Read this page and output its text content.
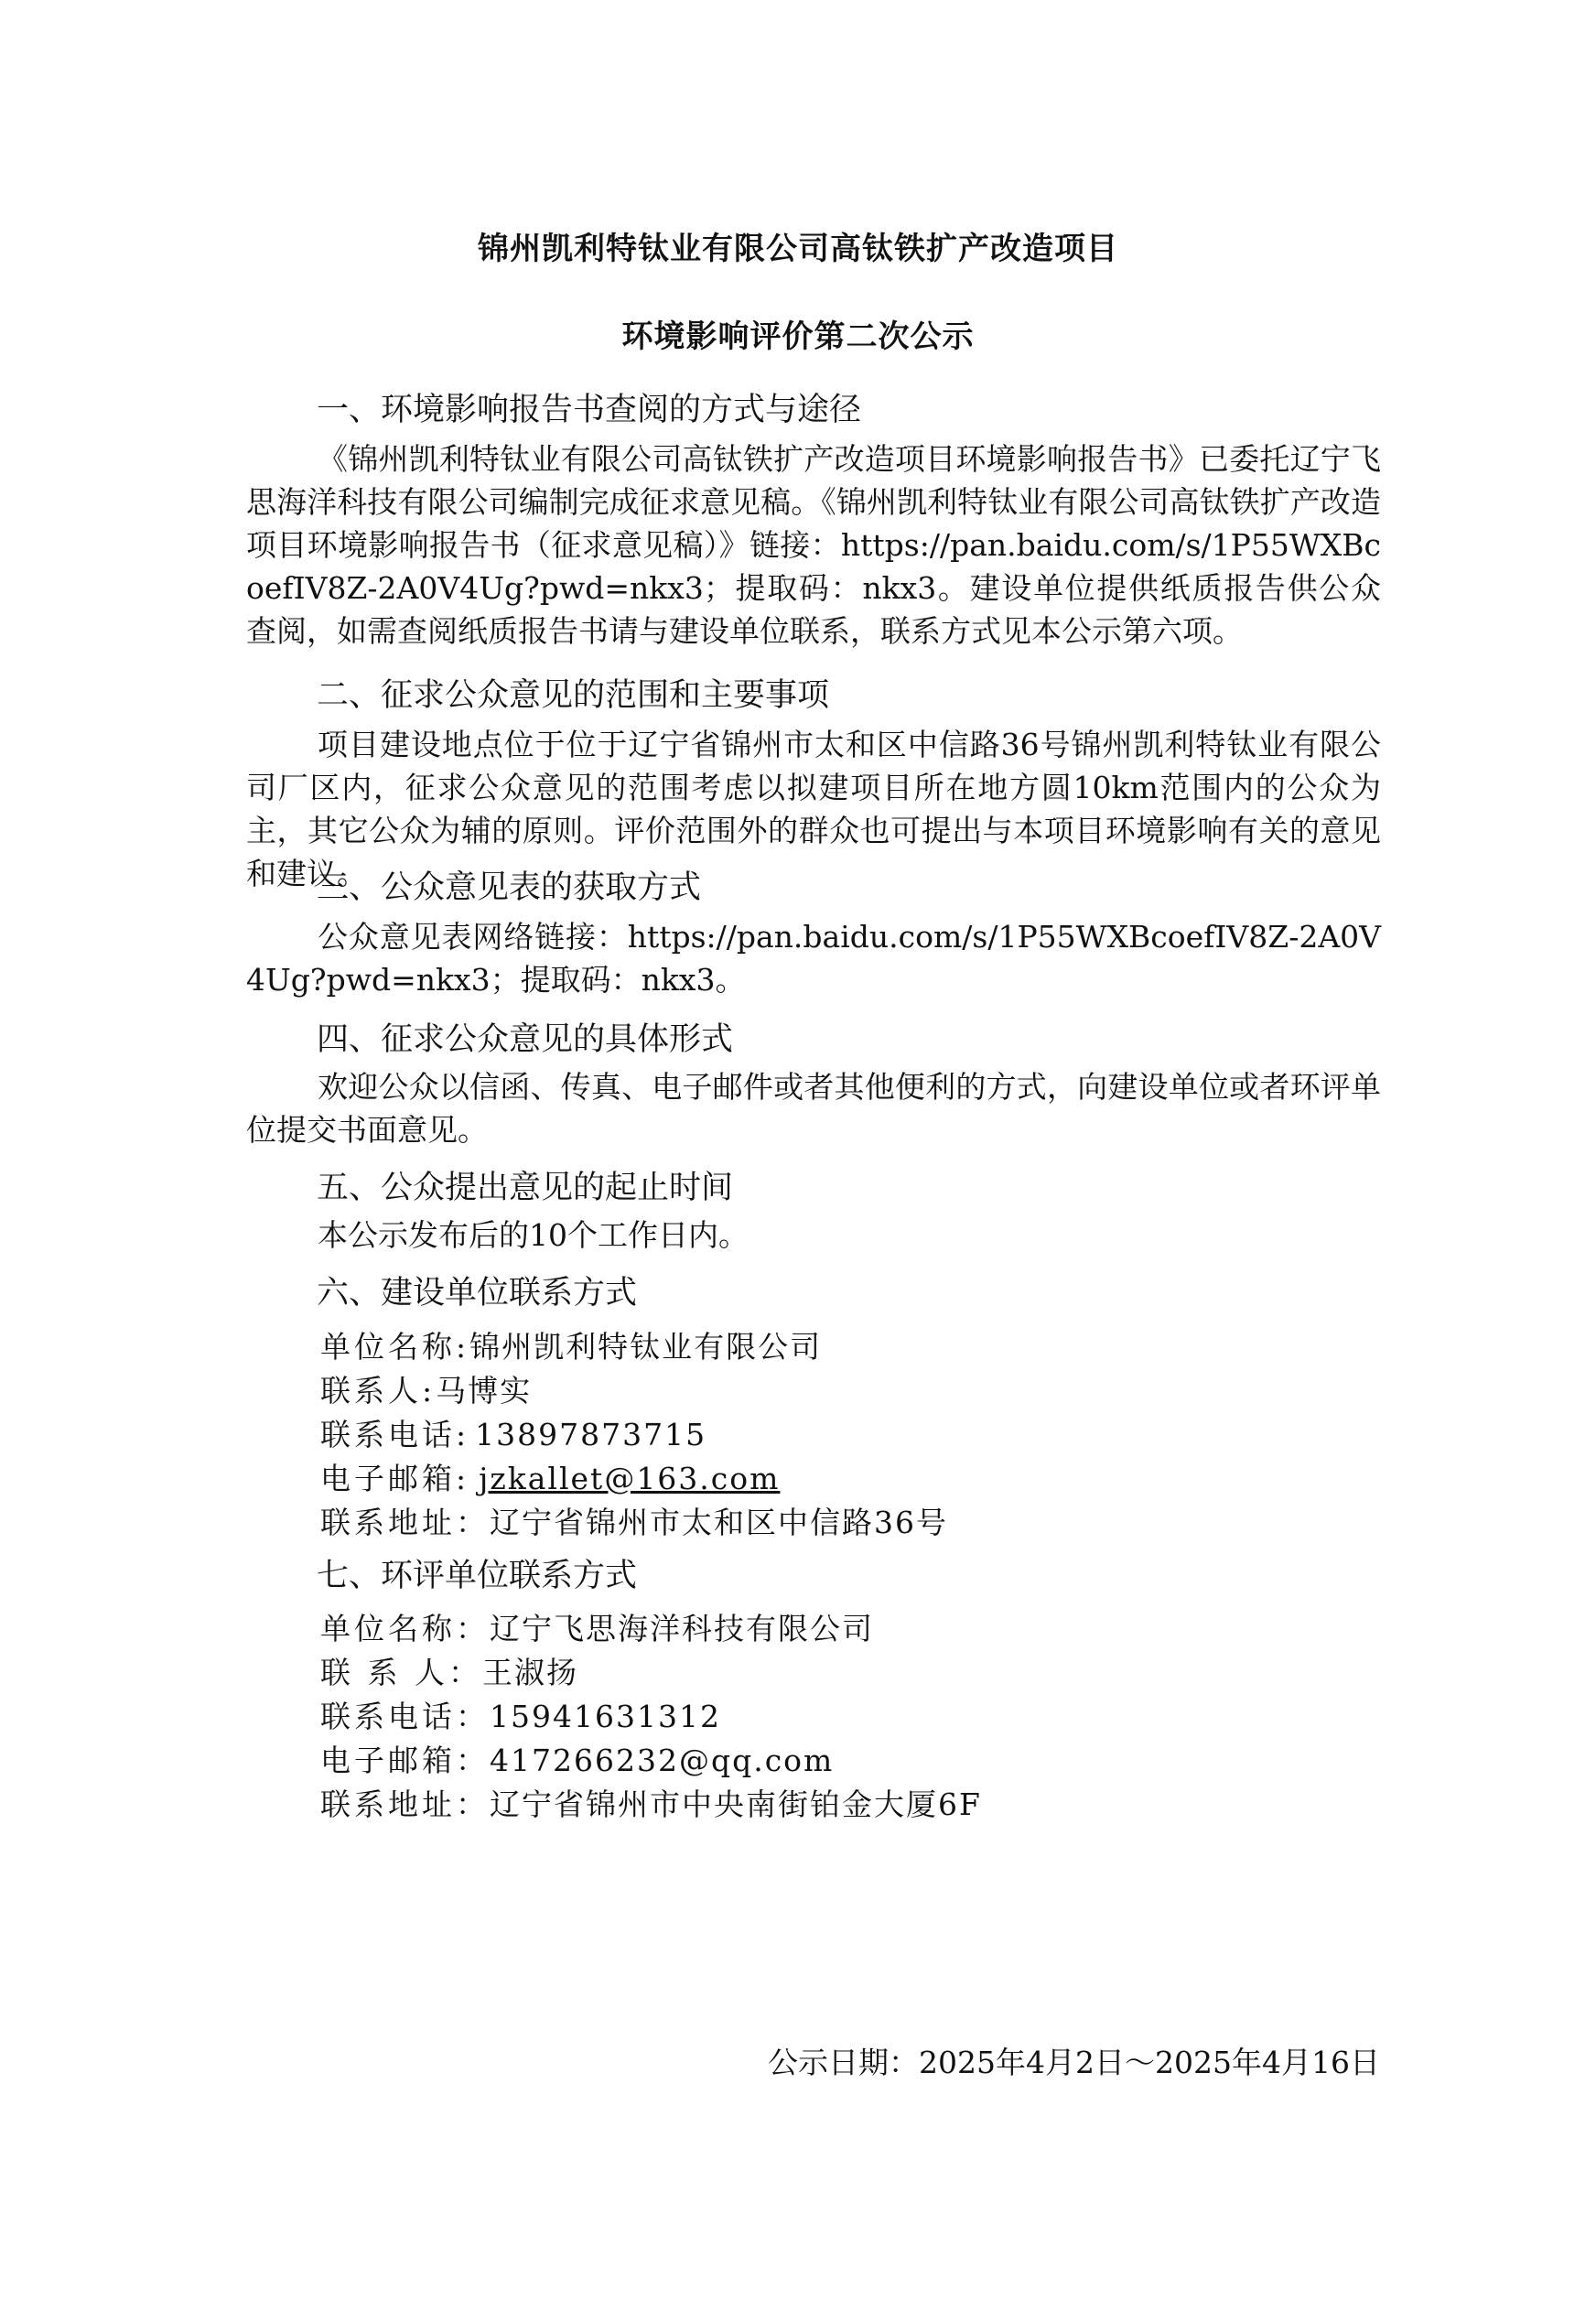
锦州凯利特钛业有限公司高钛铁扩产改造项目
环境影响评价第二次公示
一、环境影响报告书查阅的方式与途径
《锦州凯利特钛业有限公司高钛铁扩产改造项目环境影响报告书》已委托辽宁飞思海洋科技有限公司编制完成征求意见稿。《锦州凯利特钛业有限公司高钛铁扩产改造项目环境影响报告书（征求意见稿）》链接：https://pan.baidu.com/s/1P55WXBcoefIV8Z-2A0V4Ug?pwd=nkx3；提取码：nkx3。建设单位提供纸质报告供公众查阅，如需查阅纸质报告书请与建设单位联系，联系方式见本公示第六项。
二、征求公众意见的范围和主要事项
项目建设地点位于位于辽宁省锦州市太和区中信路36号锦州凯利特钛业有限公司厂区内，征求公众意见的范围考虑以拟建项目所在地方圆10km范围内的公众为主，其它公众为辅的原则。评价范围外的群众也可提出与本项目环境影响有关的意见和建议。
三、公众意见表的获取方式
公众意见表网络链接：https://pan.baidu.com/s/1P55WXBcoefIV8Z-2A0V4Ug?pwd=nkx3；提取码：nkx3。
四、征求公众意见的具体形式
欢迎公众以信函、传真、电子邮件或者其他便利的方式，向建设单位或者环评单位提交书面意见。
五、公众提出意见的起止时间
本公示发布后的10个工作日内。
六、建设单位联系方式
单位名称:锦州凯利特钛业有限公司
联系人:马博实
联系电话: 13897873715
电子邮箱: jzkallet@163.com
联系地址：辽宁省锦州市太和区中信路36号
七、环评单位联系方式
单位名称：辽宁飞思海洋科技有限公司
联 系 人：王淑扬
联系电话：15941631312
电子邮箱：417266232@qq.com
联系地址：辽宁省锦州市中央南街铂金大厦6F
公示日期：2025年4月2日～2025年4月16日
